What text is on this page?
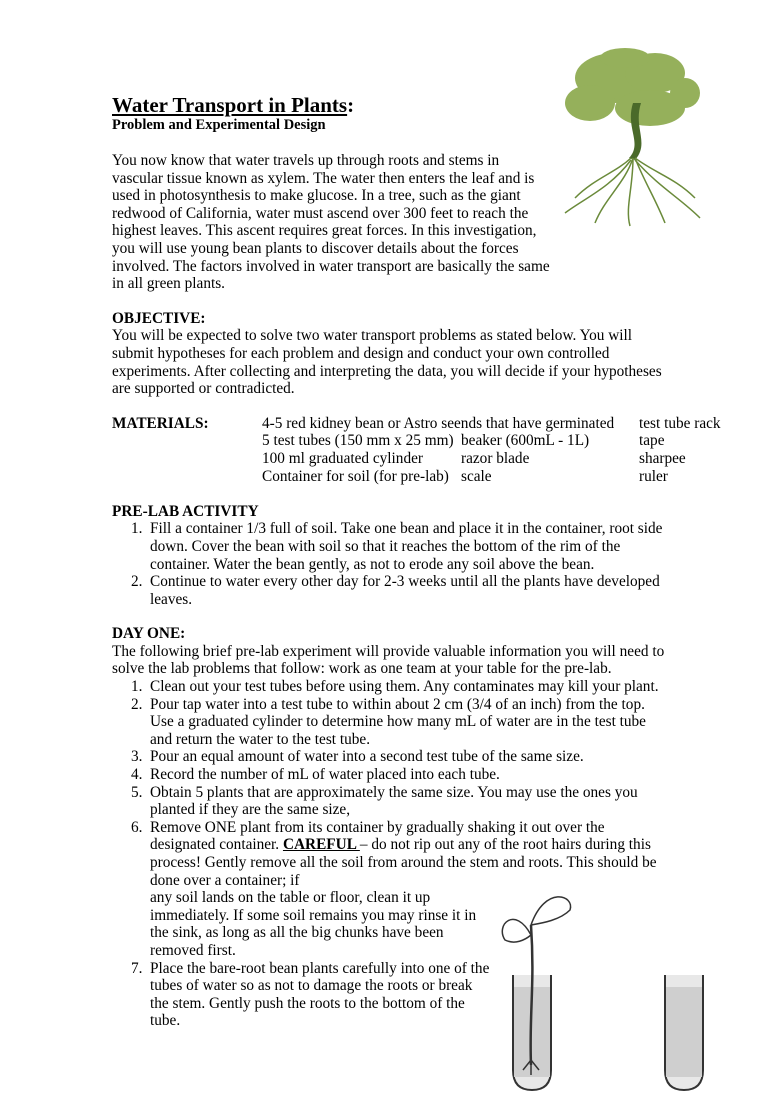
Water Transport in Plants:
Problem and Experimental Design
You now know that water travels up through roots and stems in vascular tissue known as xylem. The water then enters the leaf and is used in photosynthesis to make glucose. In a tree, such as the giant redwood of California, water must ascend over 300 feet to reach the highest leaves. This ascent requires great forces. In this investigation, you will use young bean plants to discover details about the forces involved. The factors involved in water transport are basically the same in all green plants.
OBJECTIVE:
You will be expected to solve two water transport problems as stated below. You will submit hypotheses for each problem and design and conduct your own controlled experiments. After collecting and interpreting the data, you will decide if your hypotheses are supported or contradicted.
MATERIALS:	4-5 red kidney bean or Astro seends that have germinated
5 test tubes (150 mm x 25 mm)
100 ml graduated cylinder
Container for soil (for pre-lab)
beaker (600mL - 1L)
razor blade
scale
test tube rack
tape
sharpee
ruler
PRE-LAB ACTIVITY
1. Fill a container 1/3 full of soil. Take one bean and place it in the container, root side down. Cover the bean with soil so that it reaches the bottom of the rim of the container. Water the bean gently, as not to erode any soil above the bean.
2. Continue to water every other day for 2-3 weeks until all the plants have developed leaves.
DAY ONE:
The following brief pre-lab experiment will provide valuable information you will need to solve the lab problems that follow: work as one team at your table for the pre-lab.
1. Clean out your test tubes before using them. Any contaminates may kill your plant.
2. Pour tap water into a test tube to within about 2 cm (3/4 of an inch) from the top. Use a graduated cylinder to determine how many mL of water are in the test tube and return the water to the test tube.
3. Pour an equal amount of water into a second test tube of the same size.
4. Record the number of mL of water placed into each tube.
5. Obtain 5 plants that are approximately the same size. You may use the ones you planted if they are the same size,
6. Remove ONE plant from its container by gradually shaking it out over the designated container. CAREFUL – do not rip out any of the root hairs during this process! Gently remove all the soil from around the stem and roots. This should be done over a container; if
any soil lands on the table or floor, clean it up
immediately. If some soil remains you may rinse it in
the sink, as long as all the big chunks have been
removed first.
7. Place the bare-root bean plants carefully into one of the
tubes of water so as not to damage the roots or break
the stem. Gently push the roots to the bottom of the
tube.
